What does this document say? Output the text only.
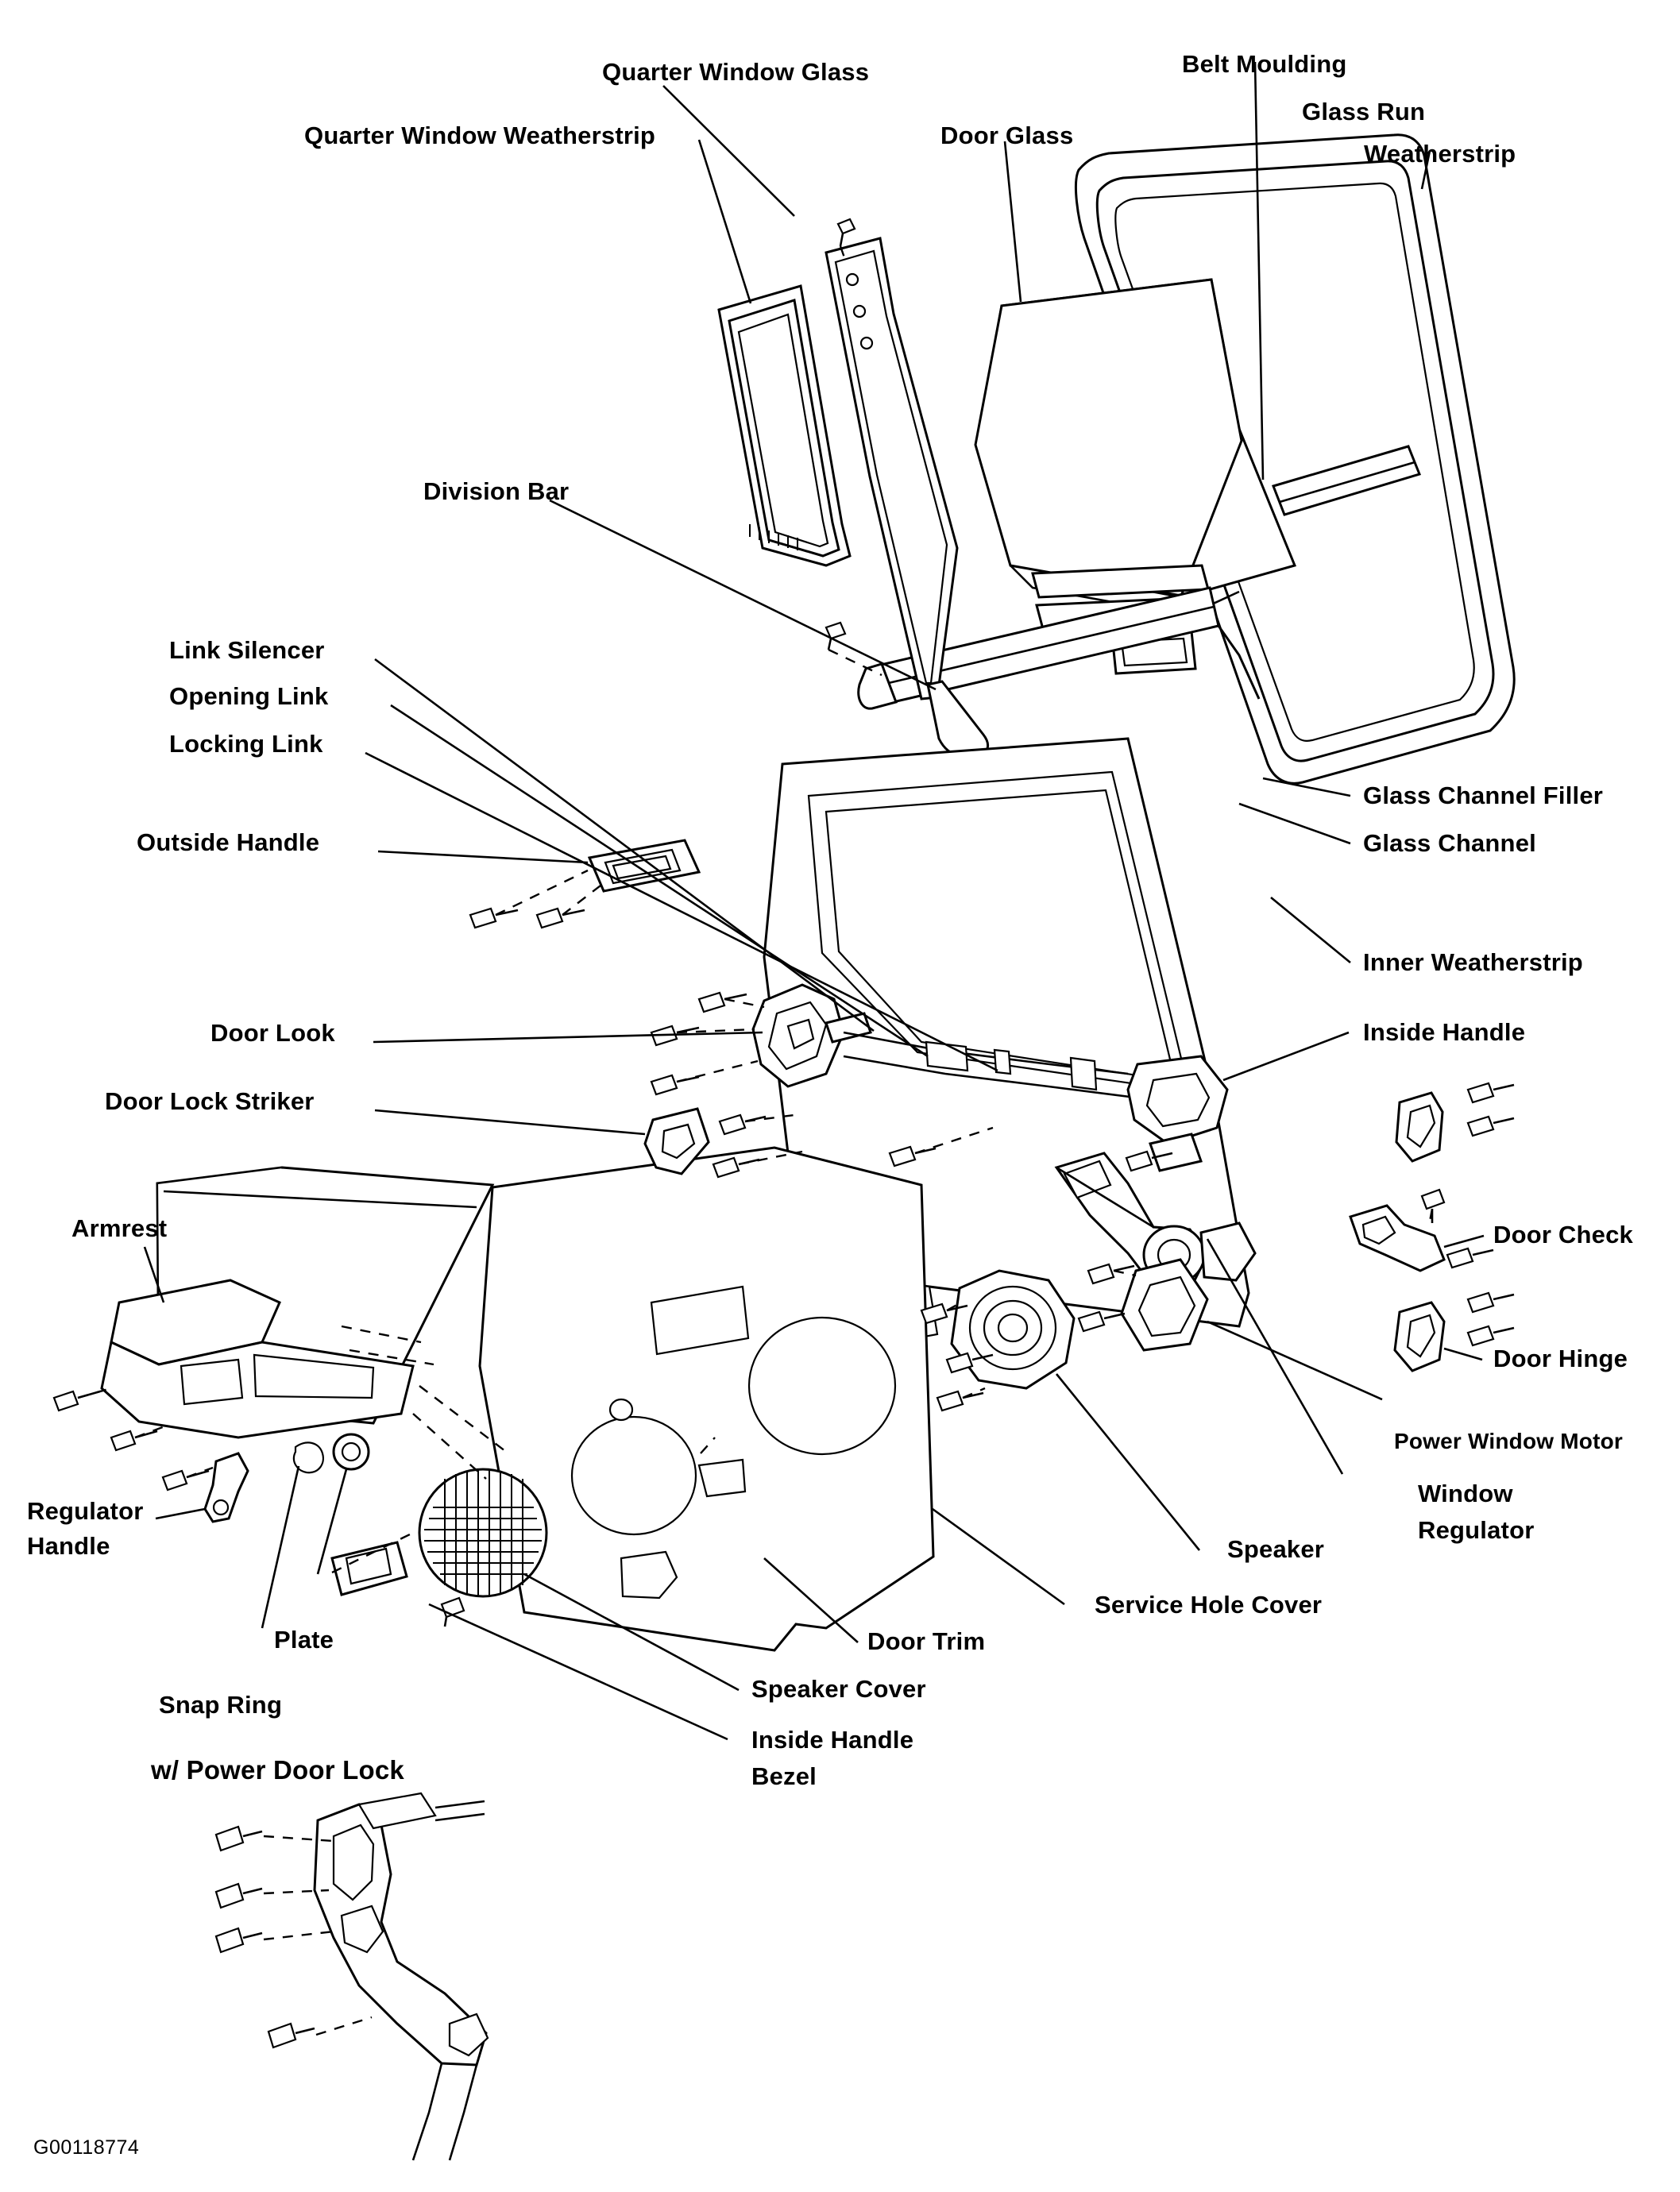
Quarter Window Glass
Quarter Window Weatherstrip	Door Glass
Belt Moulding
Glass Run
Weatherstrip
Division Bar
Link Silencer
Opening Link
Locking Link
Outside Handle
Door Look
Door Lock Striker
Armrest
Regulator
Handle
Plate
Snap Ring
w/ Power Door Lock
Glass Channel Filler
Glass Channel
Inner Weatherstrip
Inside Handle
Door Check
Door Hinge
Power Window Motor
Window
Regulator
Speaker
Service Hole Cover
Door Trim
Speaker Cover
Inside Handle
Bezel
G00118774
